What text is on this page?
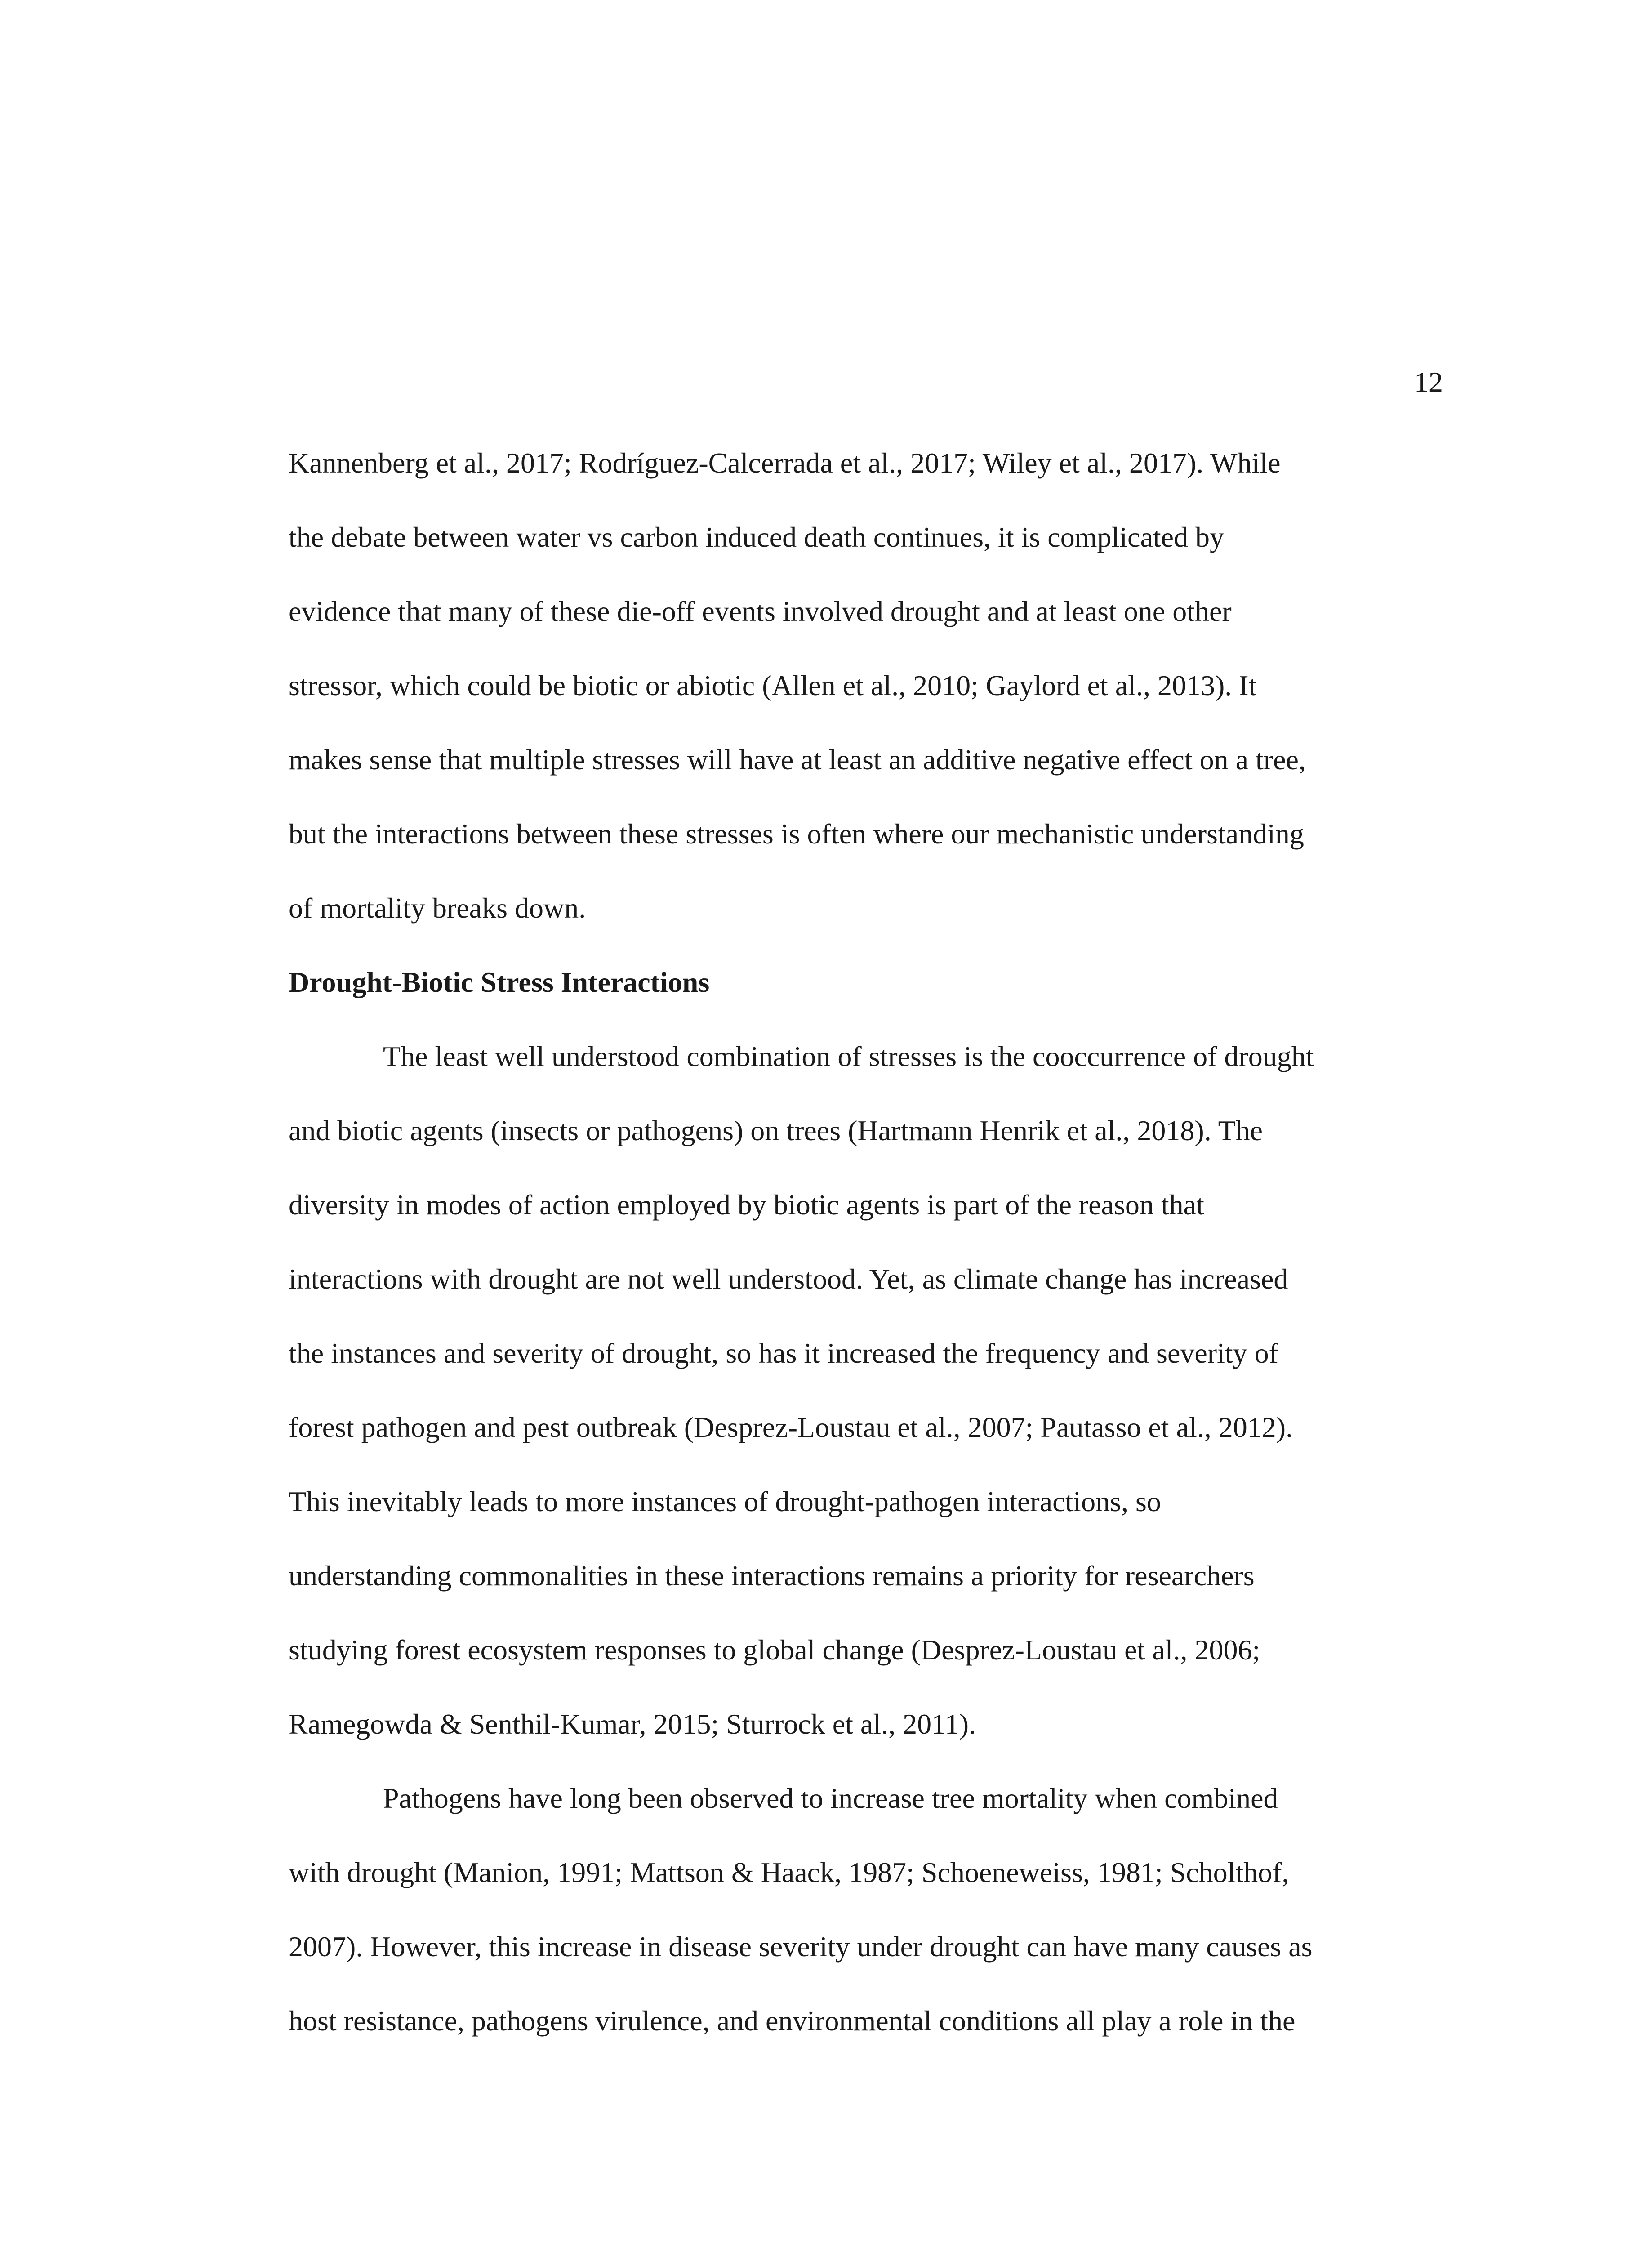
12
Kannenberg et al., 2017; Rodríguez-Calcerrada et al., 2017; Wiley et al., 2017). While
the debate between water vs carbon induced death continues, it is complicated by
evidence that many of these die-off events involved drought and at least one other
stressor, which could be biotic or abiotic (Allen et al., 2010; Gaylord et al., 2013). It
makes sense that multiple stresses will have at least an additive negative effect on a tree,
but the interactions between these stresses is often where our mechanistic understanding
of mortality breaks down.
Drought-Biotic Stress Interactions
The least well understood combination of stresses is the cooccurrence of drought
and biotic agents (insects or pathogens) on trees (Hartmann Henrik et al., 2018). The
diversity in modes of action employed by biotic agents is part of the reason that
interactions with drought are not well understood. Yet, as climate change has increased
the instances and severity of drought, so has it increased the frequency and severity of
forest pathogen and pest outbreak (Desprez-Loustau et al., 2007; Pautasso et al., 2012).
This inevitably leads to more instances of drought-pathogen interactions, so
understanding commonalities in these interactions remains a priority for researchers
studying forest ecosystem responses to global change (Desprez-Loustau et al., 2006;
Ramegowda & Senthil-Kumar, 2015; Sturrock et al., 2011).
Pathogens have long been observed to increase tree mortality when combined
with drought (Manion, 1991; Mattson & Haack, 1987; Schoeneweiss, 1981; Scholthof,
2007). However, this increase in disease severity under drought can have many causes as
host resistance, pathogens virulence, and environmental conditions all play a role in the
